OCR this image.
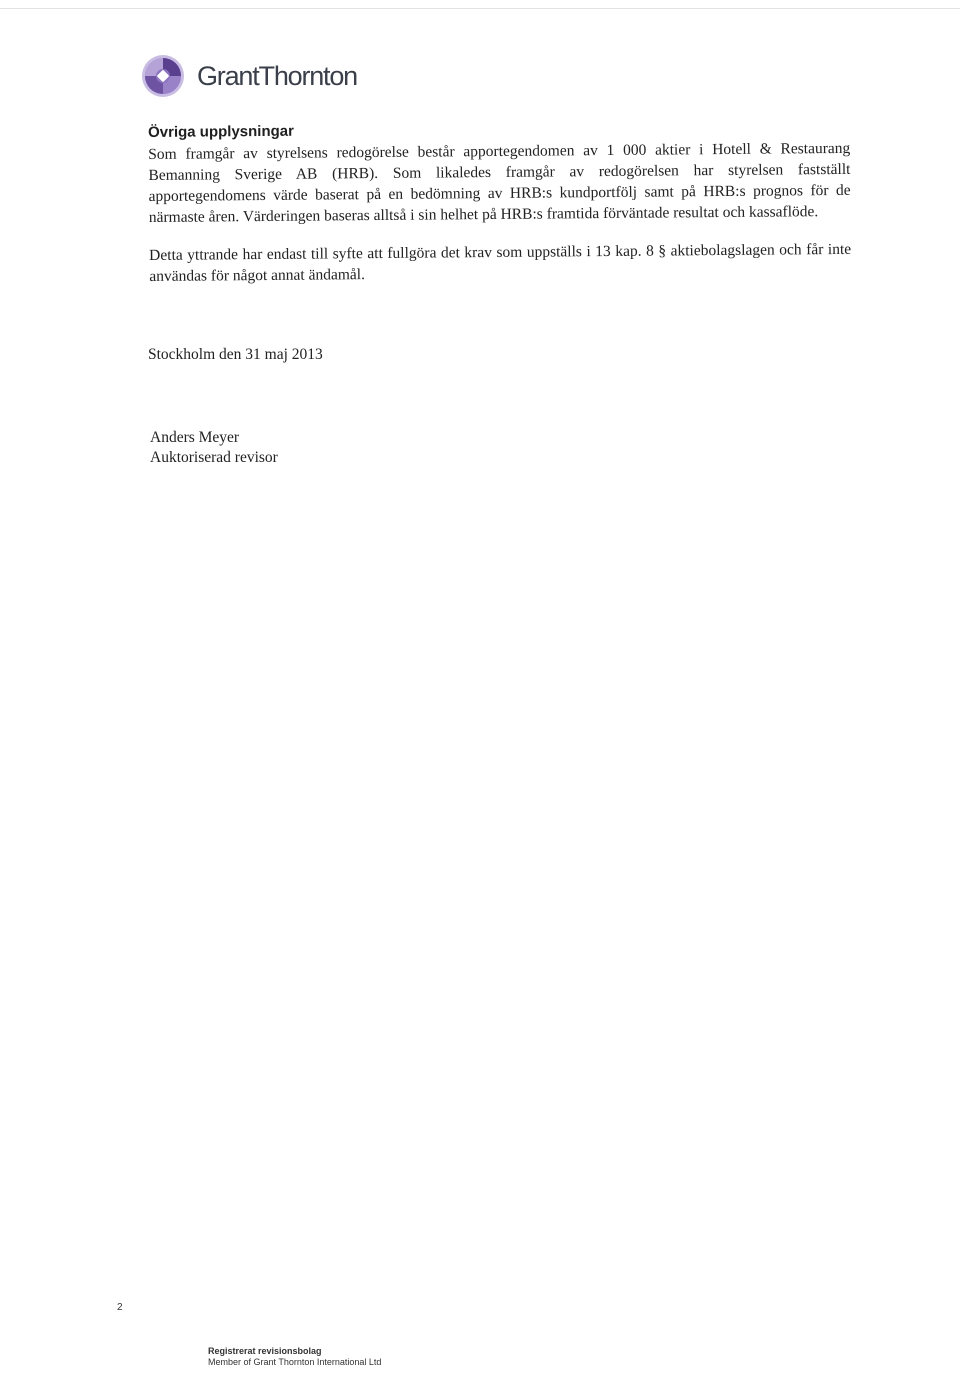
GrantThornton
Övriga upplysningar

Som framgår av styrelsens redogörelse består apportegendomen av 1 000 aktier i Hotell & Restaurang Bemanning Sverige AB (HRB). Som likaledes framgår av redogörelsen har styrelsen fastställt apportegendomens värde baserat på en bedömning av HRB:s kundportfölj samt på HRB:s prognos för de närmaste åren. Värderingen baseras alltså i sin helhet på HRB:s framtida förväntade resultat och kassaflöde.

Detta yttrande har endast till syfte att fullgöra det krav som uppställs i 13 kap. 8 § aktiebolagslagen och får inte användas för något annat ändamål.

Stockholm den 31 maj 2013
Anders Meyer
Auktoriserad revisor
2
Registrerat revisionsbolag
Member of Grant Thornton International Ltd
